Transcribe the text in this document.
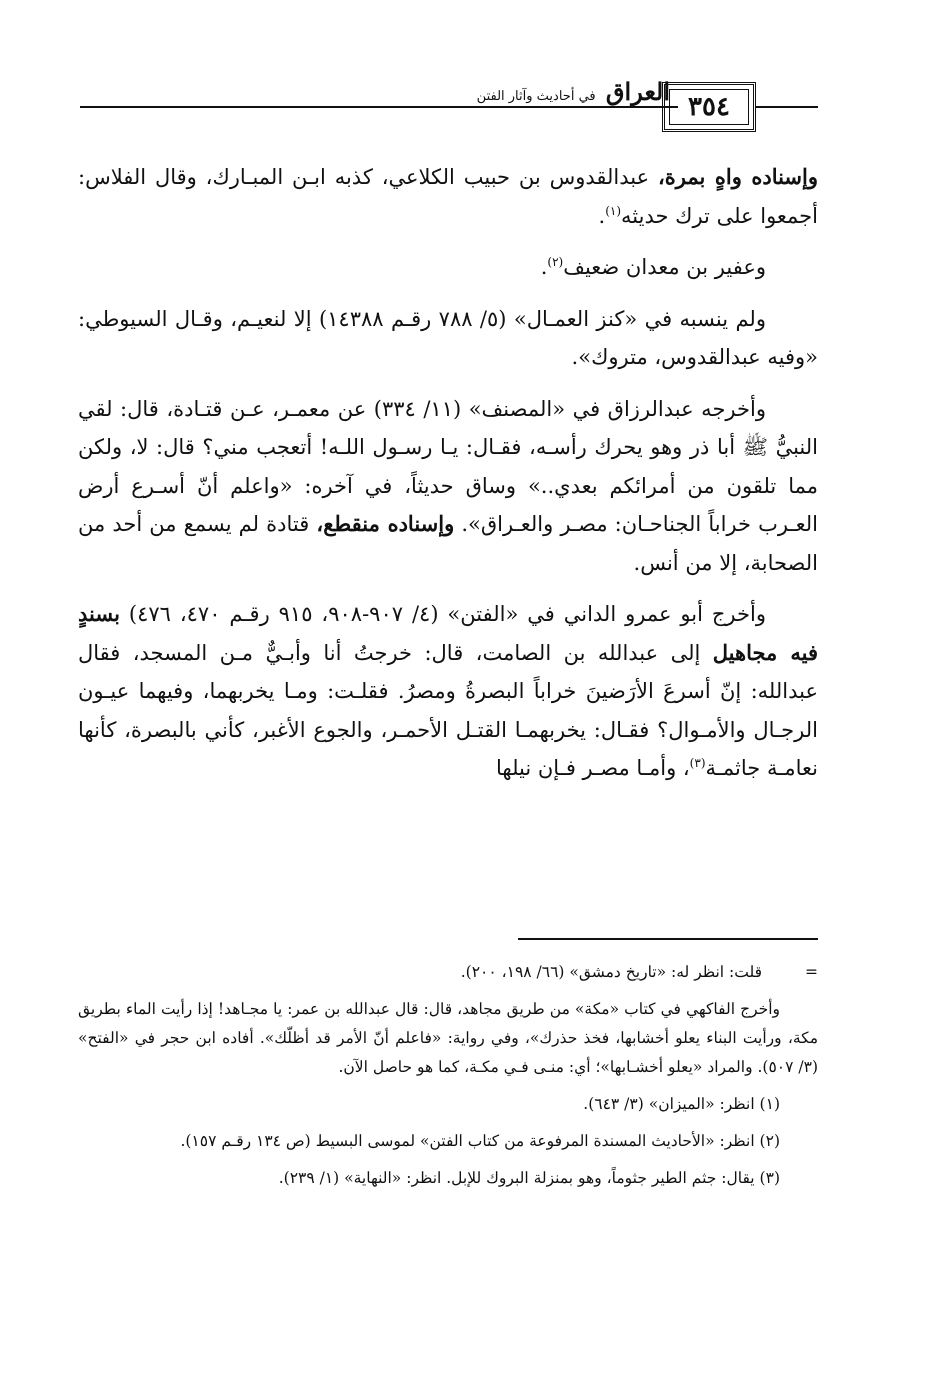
العراق في أحاديث وآثار الفتن	٣٥٤

وإسناده واهٍ بمرة، عبدالقدوس بن حبيب الكلاعي، كذبه ابـن المبـارك، وقال الفلاس: أجمعوا على ترك حديثه$^{(١)}$.

وعفير بن معدان ضعيف$^{(٢)}$.

ولم ينسبه في «كنز العمـال» (٥/ ٧٨٨ رقـم ١٤٣٨٨) إلا لنعيـم، وقـال السيوطي: «وفيه عبدالقدوس، متروك».

وأخرجه عبدالرزاق في «المصنف» (١١/ ٣٣٤) عن معمـر، عـن قتـادة، قال: لقي النبيُّ ﷺ أبا ذر وهو يحرك رأسـه، فقـال: يـا رسـول اللـه! أتعجب مني؟ قال: لا، ولكن مما تلقون من أمرائكم بعدي..» وساق حديثاً، في آخره: «واعلم أنّ أسـرع أرض العـرب خراباً الجناحـان: مصـر والعـراق». وإسناده منقطع، قتادة لم يسمع من أحد من الصحابة، إلا من أنس.

وأخرج أبو عمرو الداني في «الفتن» (٤/ ٩٠٧-٩٠٨، ٩١٥ رقـم ٤٧٠، ٤٧٦) بسندٍ فيه مجاهيل إلى عبدالله بن الصامت، قال: خرجتُ أنا وأبـيٌّ مـن المسجد، فقال عبدالله: إنّ أسرعَ الأرَضينَ خراباً البصرةُ ومصرُ. فقلـت: ومـا يخربهما، وفيهما عيـون الرجـال والأمـوال؟ فقـال: يخربهمـا القتـل الأحمـر، والجوع الأغبر، كأني بالبصرة، كأنها نعامـة جاثمـة$^{(٣)}$، وأمـا مصـر فـإن نيلها

=قلت: انظر له: «تاريخ دمشق» (٦٦/ ١٩٨، ٢٠٠).

وأخرج الفاكهي في كتاب «مكة» من طريق مجاهد، قال: قال عبدالله بن عمر: يا مجـاهد! إذا رأيت الماء بطريق مكة، ورأيت البناء يعلو أخشابها، فخذ حذرك»، وفي رواية: «فاعلم أنّ الأمر قد أظلّك». أفاده ابن حجر في «الفتح» (٣/ ٥٠٧). والمراد «يعلو أخشـابها»؛ أي: منـى فـي مكـة، كما هو حاصل الآن.

(١) انظر: «الميزان» (٣/ ٦٤٣).

(٢) انظر: «الأحاديث المسندة المرفوعة من كتاب الفتن» لموسى البسيط (ص ١٣٤ رقـم ١٥٧).

(٣) يقال: جثم الطير جثوماً، وهو بمنزلة البروك للإبل. انظر: «النهاية» (١/ ٢٣٩).
